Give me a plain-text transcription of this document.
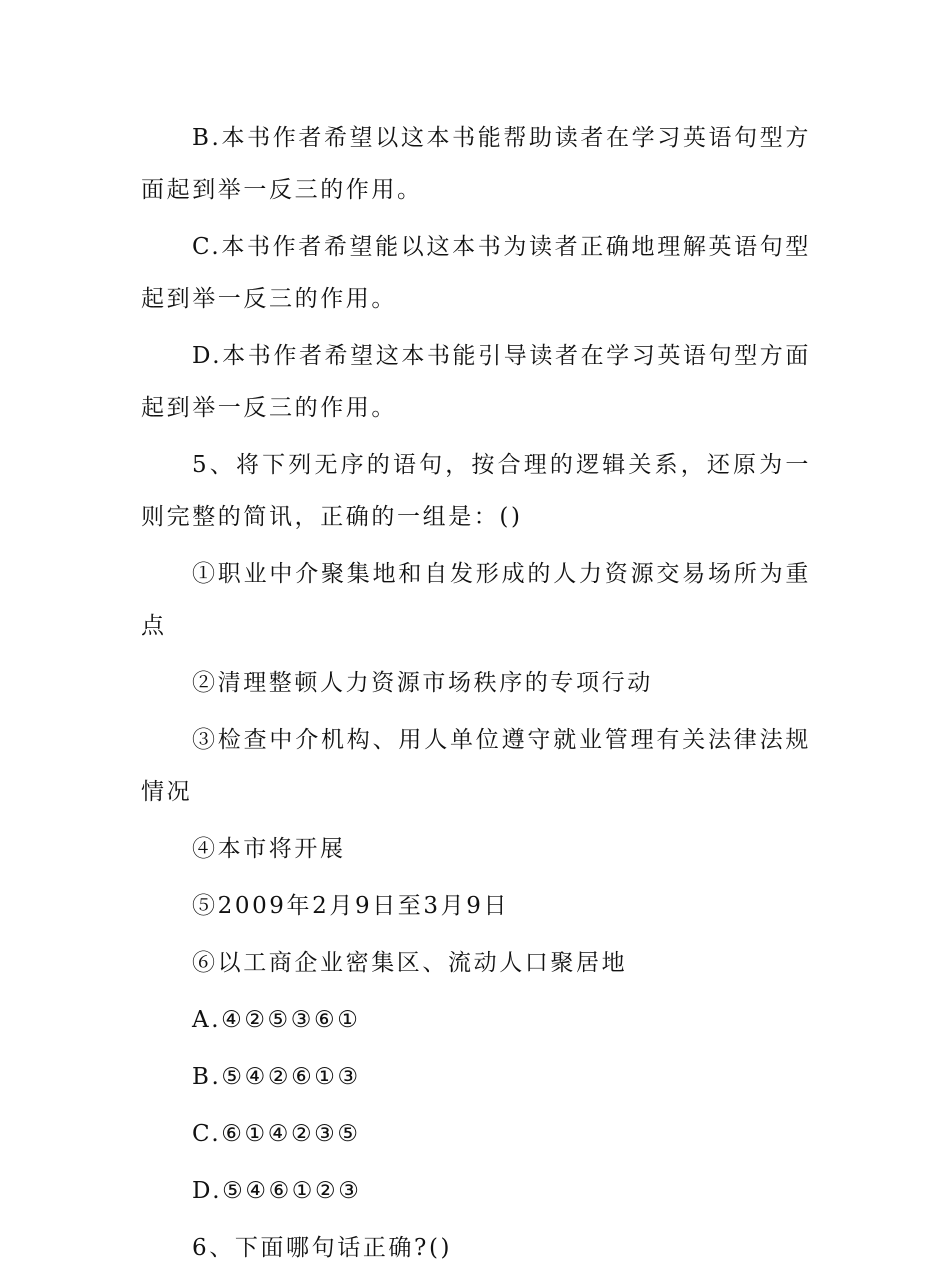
B.本书作者希望以这本书能帮助读者在学习英语句型方面起到举一反三的作用。

C.本书作者希望能以这本书为读者正确地理解英语句型起到举一反三的作用。

D.本书作者希望这本书能引导读者在学习英语句型方面起到举一反三的作用。

5、将下列无序的语句，按合理的逻辑关系，还原为一则完整的简讯，正确的一组是：()

①职业中介聚集地和自发形成的人力资源交易场所为重点

②清理整顿人力资源市场秩序的专项行动

③检查中介机构、用人单位遵守就业管理有关法律法规情况

④本市将开展

⑤2009年2月9日至3月9日

⑥以工商企业密集区、流动人口聚居地

A.④②⑤③⑥①

B.⑤④②⑥①③

C.⑥①④②③⑤

D.⑤④⑥①②③

6、下面哪句话正确?()
